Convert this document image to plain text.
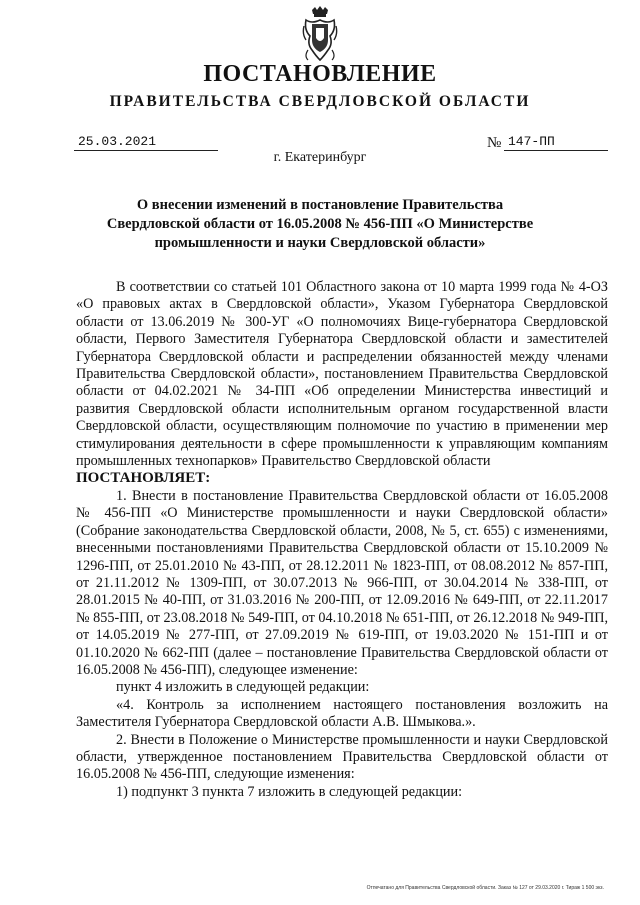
ПОСТАНОВЛЕНИЕ
ПРАВИТЕЛЬСТВА СВЕРДЛОВСКОЙ ОБЛАСТИ
25.03.2021	№ 147-ПП
г. Екатеринбург
О внесении изменений в постановление Правительства Свердловской области от 16.05.2008 № 456-ПП «О Министерстве промышленности и науки Свердловской области»

В соответствии со статьей 101 Областного закона от 10 марта 1999 года № 4-ОЗ «О правовых актах в Свердловской области», Указом Губернатора Свердловской области от 13.06.2019 № 300-УГ «О полномочиях Вице-губернатора Свердловской области, Первого Заместителя Губернатора Свердловской области и заместителей Губернатора Свердловской области и распределении обязанностей между членами Правительства Свердловской области», постановлением Правительства Свердловской области от 04.02.2021 № 34-ПП «Об определении Министерства инвестиций и развития Свердловской области исполнительным органом государственной власти Свердловской области, осуществляющим полномочие по участию в применении мер стимулирования деятельности в сфере промышленности к управляющим компаниям промышленных технопарков» Правительство Свердловской области

ПОСТАНОВЛЯЕТ:

1. Внести в постановление Правительства Свердловской области от 16.05.2008 № 456-ПП «О Министерстве промышленности и науки Свердловской области» (Собрание законодательства Свердловской области, 2008, № 5, ст. 655) с изменениями, внесенными постановлениями Правительства Свердловской области от 15.10.2009 № 1296-ПП, от 25.01.2010 № 43-ПП, от 28.12.2011 № 1823-ПП, от 08.08.2012 № 857-ПП, от 21.11.2012 № 1309-ПП, от 30.07.2013 № 966-ПП, от 30.04.2014 № 338-ПП, от 28.01.2015 № 40-ПП, от 31.03.2016 № 200-ПП, от 12.09.2016 № 649-ПП, от 22.11.2017 № 855-ПП, от 23.08.2018 № 549-ПП, от 04.10.2018 № 651-ПП, от 26.12.2018 № 949-ПП, от 14.05.2019 № 277-ПП, от 27.09.2019 № 619-ПП, от 19.03.2020 № 151-ПП и от 01.10.2020 № 662-ПП (далее – постановление Правительства Свердловской области от 16.05.2008 № 456-ПП), следующее изменение:

пункт 4 изложить в следующей редакции:

«4. Контроль за исполнением настоящего постановления возложить на Заместителя Губернатора Свердловской области А.В. Шмыкова.».

2. Внести в Положение о Министерстве промышленности и науки Свердловской области, утвержденное постановлением Правительства Свердловской области от 16.05.2008 № 456-ПП, следующие изменения:

1) подпункт 3 пункта 7 изложить в следующей редакции:

Отпечатано для Правительства Свердловской области. Заказ № 127 от 29.03.2020 г. Тираж 1 500 экз.
